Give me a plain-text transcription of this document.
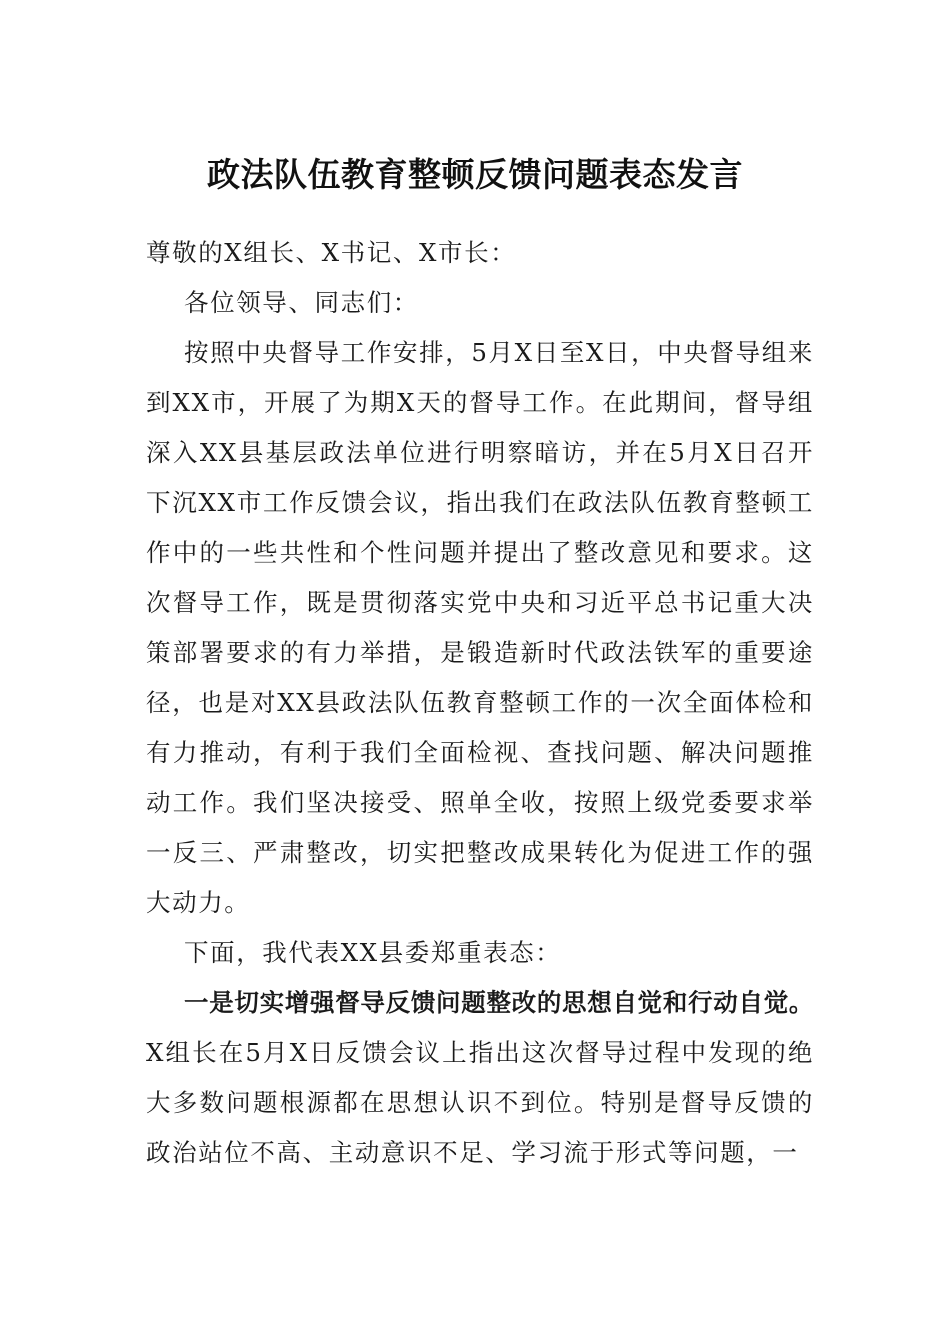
政法队伍教育整顿反馈问题表态发言

尊敬的X组长、X书记、X市长：

各位领导、同志们：

按照中央督导工作安排，5月X日至X日，中央督导组来到XX市，开展了为期X天的督导工作。在此期间，督导组深入XX县基层政法单位进行明察暗访，并在5月X日召开下沉XX市工作反馈会议，指出我们在政法队伍教育整顿工作中的一些共性和个性问题并提出了整改意见和要求。这次督导工作，既是贯彻落实党中央和习近平总书记重大决策部署要求的有力举措，是锻造新时代政法铁军的重要途径，也是对XX县政法队伍教育整顿工作的一次全面体检和有力推动，有利于我们全面检视、查找问题、解决问题推动工作。我们坚决接受、照单全收，按照上级党委要求举一反三、严肃整改，切实把整改成果转化为促进工作的强大动力。

下面，我代表XX县委郑重表态：

一是切实增强督导反馈问题整改的思想自觉和行动自觉。X组长在5月X日反馈会议上指出这次督导过程中发现的绝大多数问题根源都在思想认识不到位。特别是督导反馈的政治站位不高、主动意识不足、学习流于形式等问题，一
